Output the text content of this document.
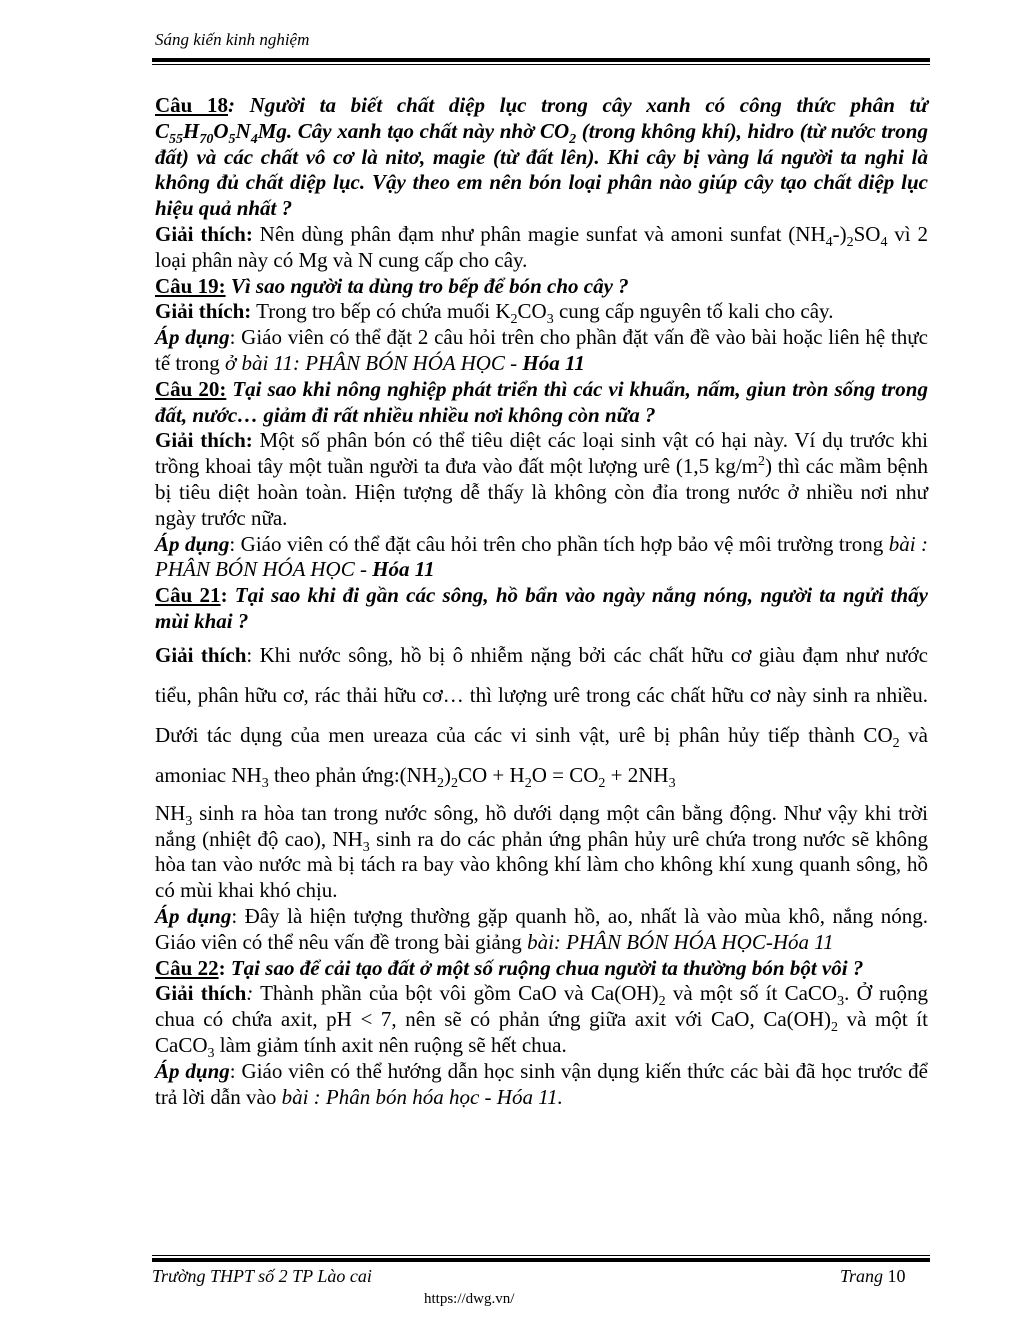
Sáng kiến kinh nghiệm

Câu 18: Người ta biết chất diệp lục trong cây xanh có công thức phân tử $C_{55}H_{70}O_5N_4Mg$. Cây xanh tạo chất này nhờ $CO_2$ (trong không khí), hidro (từ nước trong đất) và các chất vô cơ là nitơ, magie (từ đất lên). Khi cây bị vàng lá người ta nghi là không đủ chất diệp lục. Vậy theo em nên bón loại phân nào giúp cây tạo chất diệp lục hiệu quả nhất ?

Giải thích: Nên dùng phân đạm như phân magie sunfat và amoni sunfat $(NH_4-)_2SO_4$ vì 2 loại phân này có Mg và N cung cấp cho cây.

Câu 19: Vì sao người ta dùng tro bếp để bón cho cây ?

Giải thích: Trong tro bếp có chứa muối $K_2CO_3$ cung cấp nguyên tố kali cho cây.

Áp dụng: Giáo viên có thể đặt 2 câu hỏi trên cho phần đặt vấn đề vào bài hoặc liên hệ thực tế trong ở bài 11: PHÂN BÓN HÓA HỌC - Hóa 11

Câu 20: Tại sao khi nông nghiệp phát triển thì các vi khuẩn, nấm, giun tròn sống trong đất, nước… giảm đi rất nhiều nhiều nơi không còn nữa ?

Giải thích: Một số phân bón có thể tiêu diệt các loại sinh vật có hại này. Ví dụ trước khi trồng khoai tây một tuần người ta đưa vào đất một lượng urê (1,5 $kg/m^2$) thì các mầm bệnh bị tiêu diệt hoàn toàn. Hiện tượng dễ thấy là không còn đỉa trong nước ở nhiều nơi như ngày trước nữa.

Áp dụng: Giáo viên có thể đặt câu hỏi trên cho phần tích hợp bảo vệ môi trường trong bài : PHÂN BÓN HÓA HỌC - Hóa 11

Câu 21: Tại sao khi đi gần các sông, hồ bẩn vào ngày nắng nóng, người ta ngửi thấy mùi khai ?

Giải thích: Khi nước sông, hồ bị ô nhiễm nặng bởi các chất hữu cơ giàu đạm như nước tiểu, phân hữu cơ, rác thải hữu cơ… thì lượng urê trong các chất hữu cơ này sinh ra nhiều. Dưới tác dụng của men ureaza của các vi sinh vật, urê bị phân hủy tiếp thành $CO_2$ và amoniac $NH_3$ theo phản $ứng:(NH_2)_2CO + H_2O = CO_2 + 2NH_3$

$NH_3$ sinh ra hòa tan trong nước sông, hồ dưới dạng một cân bằng động. Như vậy khi trời nắng (nhiệt độ cao), $NH_3$ sinh ra do các phản ứng phân hủy urê chứa trong nước sẽ không hòa tan vào nước mà bị tách ra bay vào không khí làm cho không khí xung quanh sông, hồ có mùi khai khó chịu.

Áp dụng: Đây là hiện tượng thường gặp quanh hồ, ao, nhất là vào mùa khô, nắng nóng. Giáo viên có thể nêu vấn đề trong bài giảng bài: PHÂN BÓN HÓA HỌC-Hóa 11

Câu 22: Tại sao để cải tạo đất ở một số ruộng chua người ta thường bón bột vôi ?

Giải thích: Thành phần của bột vôi gồm CaO và $Ca(OH)_2$ và một số ít CaCO$_3$. Ở ruộng chua có chứa axit, pH < 7, nên sẽ có phản ứng giữa axit với CaO, $Ca(OH)_2$ và một ít CaCO$_3$ làm giảm tính axit nên ruộng sẽ hết chua.

Áp dụng: Giáo viên có thể hướng dẫn học sinh vận dụng kiến thức các bài đã học trước để trả lời dẫn vào bài : Phân bón hóa học - Hóa 11.

Trường THPT số 2 TP Lào cai	Trang 10
https://dwg.vn/
